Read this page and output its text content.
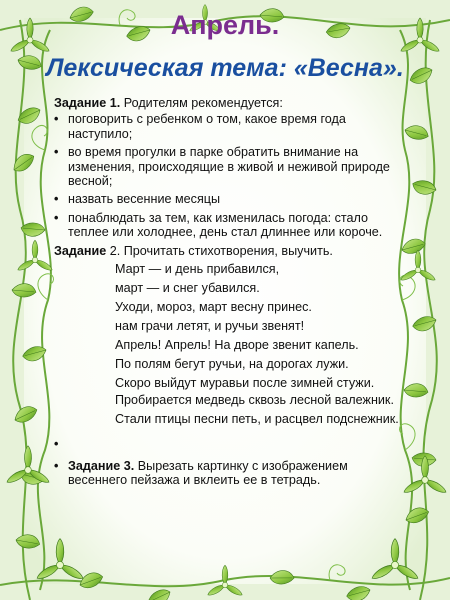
Апрель.
Лексическая тема: «Весна».

Задание 1. Родителям рекомендуется:

• поговорить с ребенком о том, какое время года наступило;
• во время прогулки в парке обратить внимание на изменения, происходящие в живой и неживой природе весной;
• назвать весенние месяцы
• понаблюдать за тем, как изменилась погода: стало теплее или холоднее, день стал длиннее или короче.

Задание 2. Прочитать стихотворения, выучить.

Март — и день прибавился,

март — и снег убавился.

Уходи, мороз, март весну принес.

нам грачи летят, и ручьи звенят!

Апрель! Апрель! На дворе звенит капель.

По полям бегут ручьи, на дорогах лужи.

Скоро выйдут муравьи после зимней стужи.

Пробирается медведь сквозь лесной валежник.

Стали птицы песни петь, и расцвел подснежник.

•
• Задание 3. Вырезать картинку с изображением весеннего пейзажа и вклеить ее в тетрадь.
